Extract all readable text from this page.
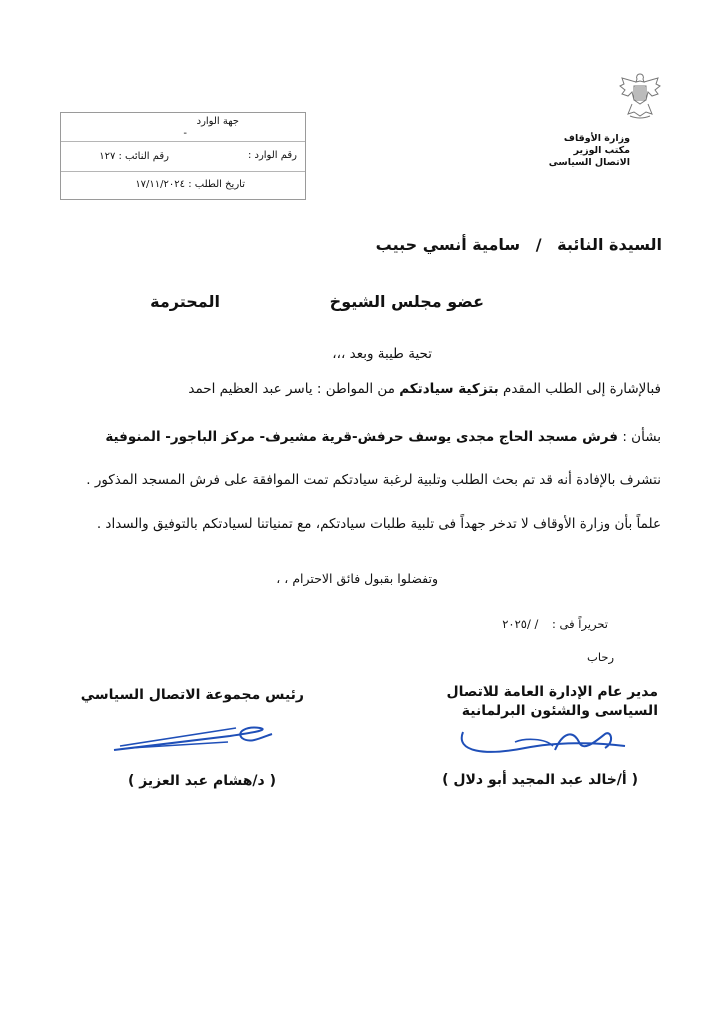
جهة الوارد
-
رقم الوارد :
رقم النائب : ١٢٧
تاريخ الطلب : ١٧/١١/٢٠٢٤
وزارة الأوقاف
مكتب الوزير
الاتصال السياسى
السيدة النائبة / سامية أنسي حبيب
عضو مجلس الشيوخ
المحترمة
تحية طيبة وبعد ،،،
فبالإشارة إلى الطلب المقدم بتزكية سيادتكم من المواطن : ياسر عبد العظيم احمد
بشأن : فرش مسجد الحاج مجدى يوسف حرفش-قرية مشيرف- مركز الباجور- المنوفية
نتشرف بالإفادة أنه قد تم بحث الطلب وتلبية لرغبة سيادتكم تمت الموافقة على فرش المسجد المذكور .
علماً بأن وزارة الأوقاف لا تدخر جهداً فى تلبية طلبات سيادتكم، مع تمنياتنا لسيادتكم بالتوفيق والسداد .
وتفضلوا بقبول فائق الاحترام ، ،
تحريراً فى : / /٢٠٢٥
رحاب
مدير عام الإدارة العامة للاتصال
السياسى والشئون البرلمانية
( أ/خالد عبد المجيد أبو دلال )
رئيس مجموعة الاتصال السياسي
( د/هشام عبد العزيز )
